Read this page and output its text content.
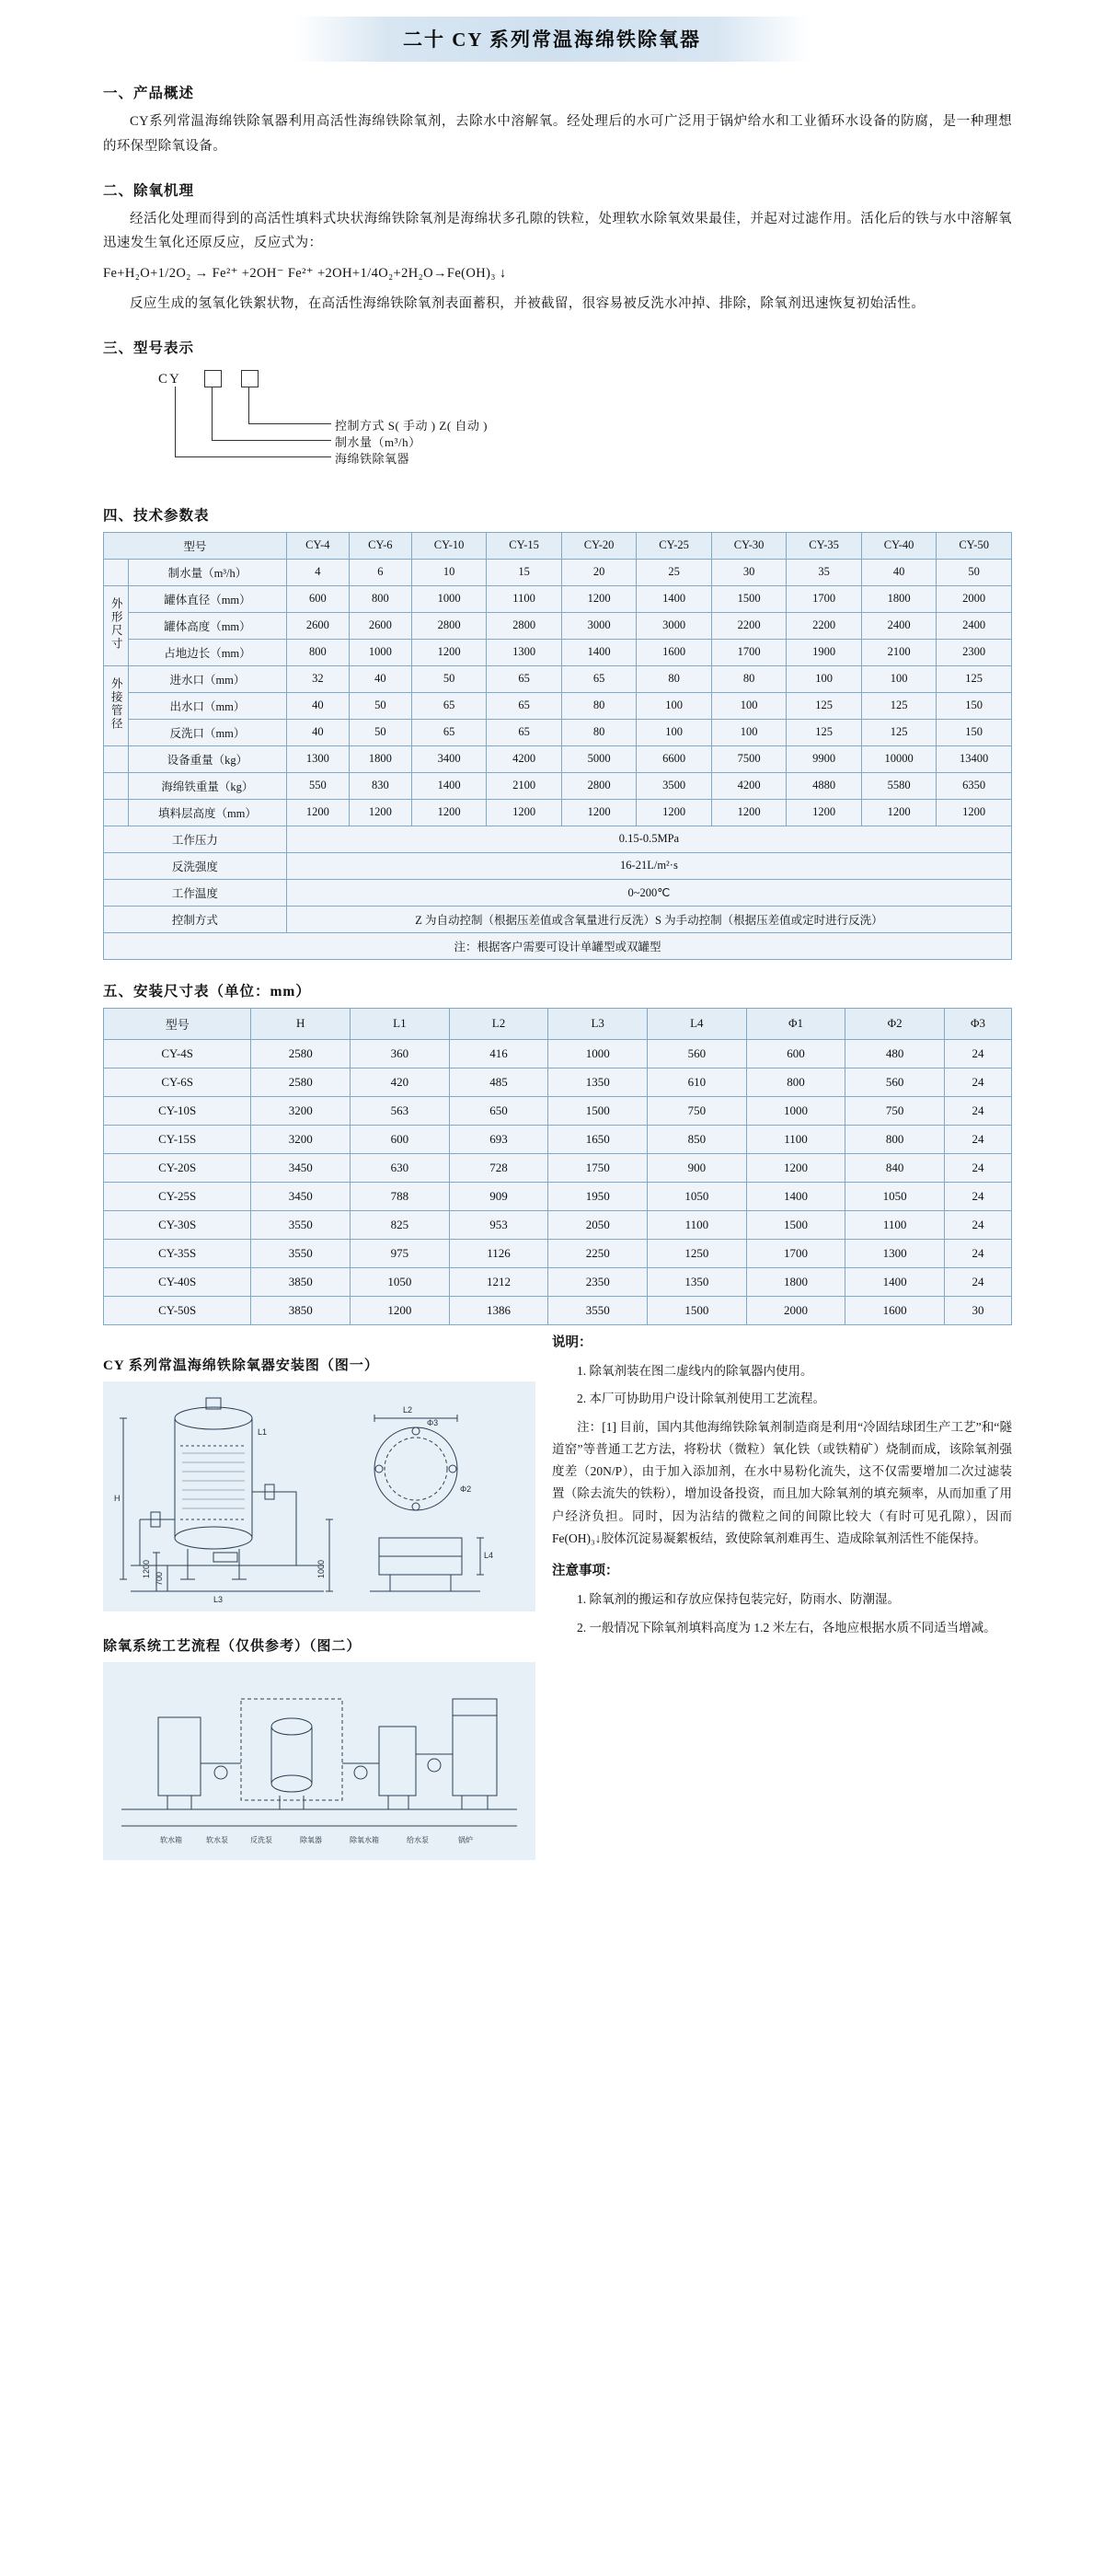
二十 CY 系列常温海绵铁除氧器
一、产品概述

CY系列常温海绵铁除氧器利用高活性海绵铁除氧剂，去除水中溶解氧。经处理后的水可广泛用于锅炉给水和工业循环水设备的防腐，是一种理想的环保型除氧设备。

二、除氧机理

经活化处理而得到的高活性填料式块状海绵铁除氧剂是海绵状多孔隙的铁粒，处理软水除氧效果最佳，并起对过滤作用。活化后的铁与水中溶解氧迅速发生氧化还原反应，反应式为：

Fe+H₂O+1/2O₂ → Fe²⁺ +2OH⁻ Fe²⁺ +2OH+1/4O₂+2H₂O→Fe(OH)₃ ↓

反应生成的氢氧化铁絮状物，在高活性海绵铁除氧剂表面蓄积，并被截留，很容易被反洗水冲掉、排除，除氧剂迅速恢复初始活性。

三、型号表示
CY
控制方式 S( 手动 ) Z( 自动 )
制水量（m³/h）
海绵铁除氧器
四、技术参数表
型号		CY-4	CY-6	CY-10	CY-15	CY-20	CY-25	CY-30	CY-35	CY-40	CY-50
	制水量（m³/h）	4	6	10	15	20	25	30	35	40	50
外形尺寸	罐体直径（mm）	600	800	1000	1100	1200	1400	1500	1700	1800	2000
	罐体高度（mm）	2600	2600	2800	2800	3000	3000	2200	2200	2400	2400
	占地边长（mm）	800	1000	1200	1300	1400	1600	1700	1900	2100	2300
外接管径	进水口（mm）	32	40	50	65	65	80	80	100	100	125
	出水口（mm）	40	50	65	65	80	100	100	125	125	150
	反洗口（mm）	40	50	65	65	80	100	100	125	125	150
	设备重量（kg）	1300	1800	3400	4200	5000	6600	7500	9900	10000	13400
	海绵铁重量（kg）	550	830	1400	2100	2800	3500	4200	4880	5580	6350
	填料层高度（mm）	1200	1200	1200	1200	1200	1200	1200	1200	1200	1200
工作压力		0.15-0.5MPa									
反洗强度		16-21L/m²·s									
工作温度		0~200℃									
控制方式		Z 为自动控制（根据压差值或含氧量进行反洗）S 为手动控制（根据压差值或定时进行反洗）									
注：根据客户需要可设计单罐型或双罐型											
五、安装尺寸表（单位：mm）
型号	H	L1	L2	L3	L4	Φ1	Φ2	Φ3
CY-4S	2580	360	416	1000	560	600	480	24
CY-6S	2580	420	485	1350	610	800	560	24
CY-10S	3200	563	650	1500	750	1000	750	24
CY-15S	3200	600	693	1650	850	1100	800	24
CY-20S	3450	630	728	1750	900	1200	840	24
CY-25S	3450	788	909	1950	1050	1400	1050	24
CY-30S	3550	825	953	2050	1100	1500	1100	24
CY-35S	3550	975	1126	2250	1250	1700	1300	24
CY-40S	3850	1050	1212	2350	1350	1800	1400	24
CY-50S	3850	1200	1386	3550	1500	2000	1600	30
CY 系列常温海绵铁除氧器安装图（图一）
L2
Φ3
L1
Φ2
H
L4
1200
700
1000
L3
除氧系统工艺流程（仅供参考）（图二）
软水箱	软水泵	反洗泵	除氧器	除氧水箱	给水泵	锅炉
说明：

1. 除氧剂装在图二虚线内的除氧器内使用。

2. 本厂可协助用户设计除氧剂使用工艺流程。

注：[1] 目前，国内其他海绵铁除氧剂制造商是利用“冷固结球团生产工艺”和“隧道窑”等普通工艺方法，将粉状（微粒）氧化铁（或铁精矿）烧制而成，该除氧剂强度差（20N/P），由于加入添加剂，在水中易粉化流失，这不仅需要增加二次过滤装置（除去流失的铁粉），增加设备投资，而且加大除氧剂的填充频率，从而加重了用户经济负担。同时，因为沾结的微粒之间的间隙比较大（有时可见孔隙），因而 Fe(OH)₃↓胶体沉淀易凝絮板结，致使除氧剂难再生、造成除氧剂活性不能保持。

注意事项：

1. 除氧剂的搬运和存放应保持包装完好，防雨水、防潮湿。

2. 一般情况下除氧剂填料高度为 1.2 米左右，各地应根据水质不同适当增减。
